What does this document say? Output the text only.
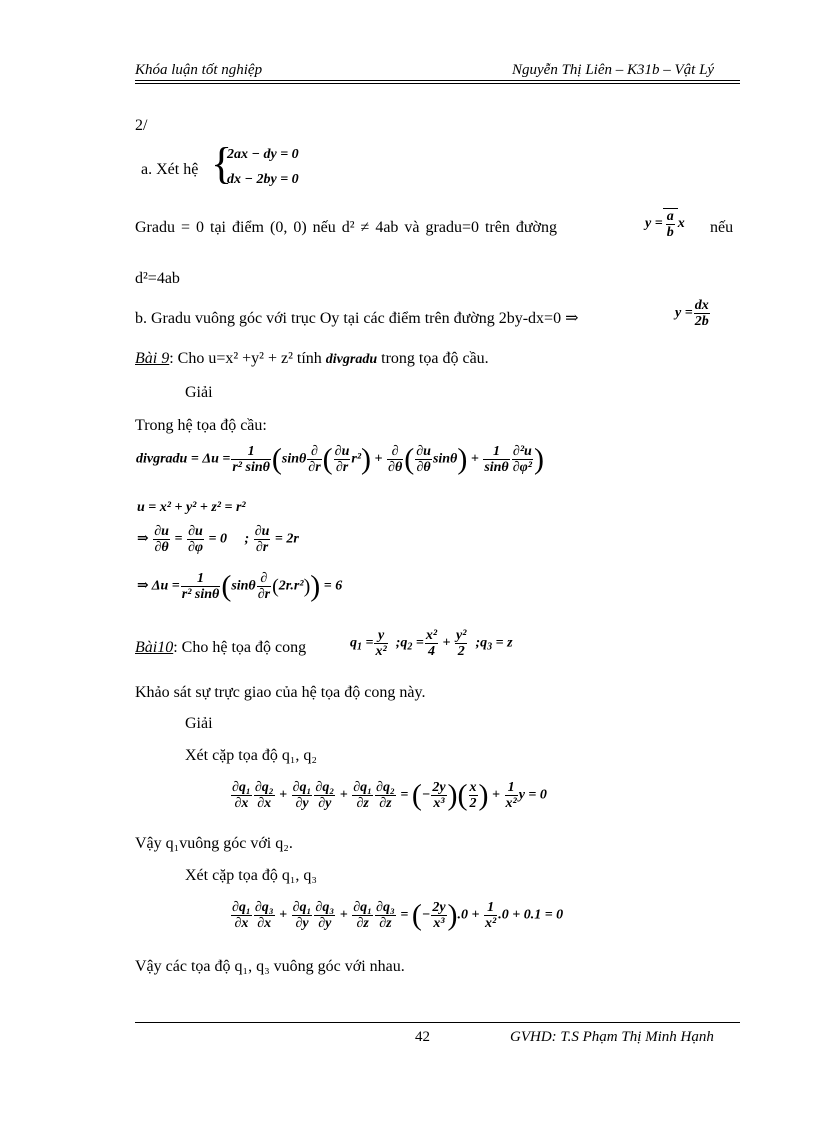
Khóa luận tốt nghiệp	Nguyễn Thị Liên – K31b – Vật Lý
2/
a. Xét hệ {
2ax − dy = 0
dx − 2by = 0
Gradu = 0 tại điểm (0, 0) nếu d² ≠ 4ab và gradu=0 trên đường	$y = \frac{a}{b}$ x nếu
d²=4ab
b. Gradu vuông góc với trục Oy tại các điểm trên đường 2by-dx=0 ⇒	$y = \frac{dx}{2b}$
Bài 9: Cho u=x² +y² + z² tính divgradu trong tọa độ cầu.
Giải
Trong hệ tọa độ cầu:
divgradu = $\Delta u = \frac{1}{\text{r² sinθ}} (\sin\theta \frac{\partial}{\partial r}$ ( $\frac{\partial u}{\partial r} r^2) + \frac{\partial}{\partial\theta}$ ( $\frac{\partial u}{\partial\theta} \sin\theta) + \frac{1}{\sin\theta} \frac{\text{∂²u}}{\text{∂φ²}}$ )
u = x² + y² + z² = r²
⇒ $\frac{\partial u}{\partial\theta} = \frac{\partial u}{\partial\varphi} = 0$     ; $\frac{\partial u}{\partial r} = 2r$
⇒ $\Delta u = \frac{1}{\text{r² sinθ}} (\sin\theta \frac{\partial}{\partial r} (2r.r^2)) = 6$
Bài10: Cho hệ tọa độ cong	$q_1 = \frac{y}{\text{x²}}$ $;q_2 = \frac{\text{x²}}{4} + \frac{\text{y²}}{2}$ $;q_3 = z$
Khảo sát sự trực giao của hệ tọa độ cong này.
Giải
Xét cặp tọa độ q₁, q₂
$\frac{\text{∂q₁}}{\partial x} \frac{\text{∂q₂}}{\partial x} + \frac{\text{∂q₁}}{\partial y} \frac{\text{∂q₂}}{\partial y} + \frac{\text{∂q₁}}{\partial z} \frac{\text{∂q₂}}{\partial z}$ = (− $\frac{2y}{\text{x³}}$ )( $\frac{x}{2}$ ) + $\frac{1}{\text{x²}}$ y = 0
Vậy q₁vuông góc với q₂.
Xét cặp tọa độ q₁, q₃
$\frac{\text{∂q₁}}{\partial x} \frac{\text{∂q₃}}{\partial x} + \frac{\text{∂q₁}}{\partial y} \frac{\text{∂q₃}}{\partial y} + \frac{\text{∂q₁}}{\partial z} \frac{\text{∂q₃}}{\partial z}$ = (− $\frac{2y}{\text{x³}} ).0 + \frac{1}{\text{x²}} .0 + 0.1 = 0$
Vậy các tọa độ q₁, q₃ vuông góc với nhau.
42	GVHD: T.S Phạm Thị Minh Hạnh
